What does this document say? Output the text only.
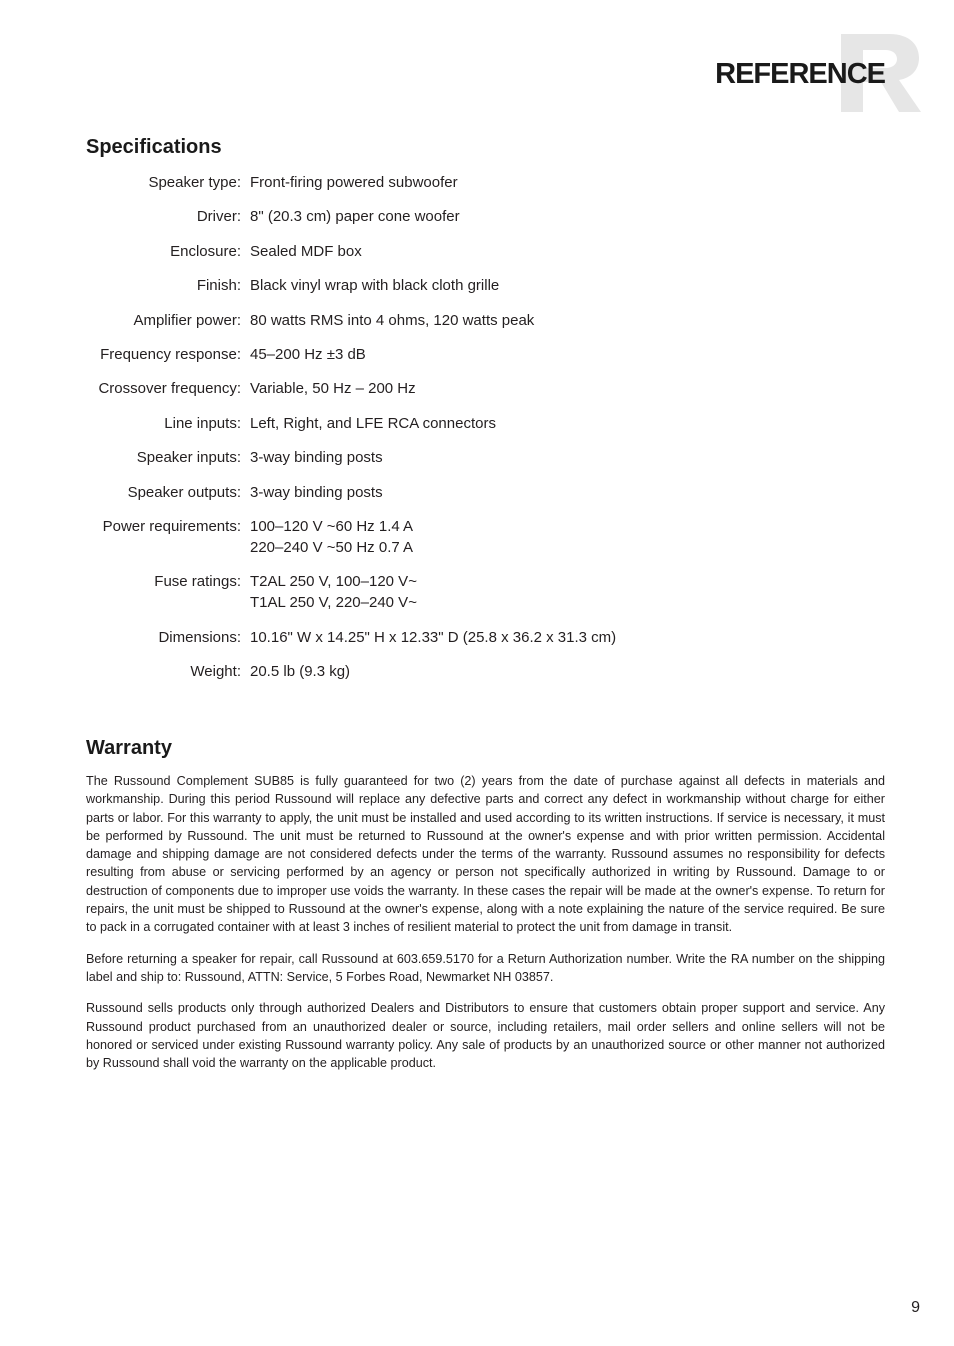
REFERENCE
Specifications
Speaker type: Front-firing powered subwoofer
Driver: 8" (20.3 cm) paper cone woofer
Enclosure: Sealed MDF box
Finish: Black vinyl wrap with black cloth grille
Amplifier power: 80 watts RMS into 4 ohms, 120 watts peak
Frequency response: 45–200 Hz ±3 dB
Crossover frequency: Variable, 50 Hz – 200 Hz
Line inputs: Left, Right, and LFE RCA connectors
Speaker inputs: 3-way binding posts
Speaker outputs: 3-way binding posts
Power requirements: 100–120 V ~60 Hz 1.4 A
220–240 V ~50 Hz 0.7 A
Fuse ratings: T2AL 250 V, 100–120 V~
T1AL 250 V, 220–240 V~
Dimensions: 10.16" W x 14.25" H x 12.33" D (25.8 x 36.2 x 31.3 cm)
Weight: 20.5 lb (9.3 kg)
Warranty

The Russound Complement SUB85 is fully guaranteed for two (2) years from the date of purchase against all defects in materials and workmanship. During this period Russound will replace any defective parts and correct any defect in workmanship without charge for either parts or labor. For this warranty to apply, the unit must be installed and used according to its written instructions. If service is necessary, it must be performed by Russound. The unit must be returned to Russound at the owner's expense and with prior written permission. Accidental damage and shipping damage are not considered defects under the terms of the warranty. Russound assumes no responsibility for defects resulting from abuse or servicing performed by an agency or person not specifically authorized in writing by Russound. Damage to or destruction of components due to improper use voids the warranty. In these cases the repair will be made at the owner's expense. To return for repairs, the unit must be shipped to Russound at the owner's expense, along with a note explaining the nature of the service required. Be sure to pack in a corrugated container with at least 3 inches of resilient material to protect the unit from damage in transit.

Before returning a speaker for repair, call Russound at 603.659.5170 for a Return Authorization number. Write the RA number on the shipping label and ship to: Russound, ATTN: Service, 5 Forbes Road, Newmarket NH 03857.

Russound sells products only through authorized Dealers and Distributors to ensure that customers obtain proper support and service. Any Russound product purchased from an unauthorized dealer or source, including retailers, mail order sellers and online sellers will not be honored or serviced under existing Russound warranty policy. Any sale of products by an unauthorized source or other manner not authorized by Russound shall void the warranty on the applicable product.

9
